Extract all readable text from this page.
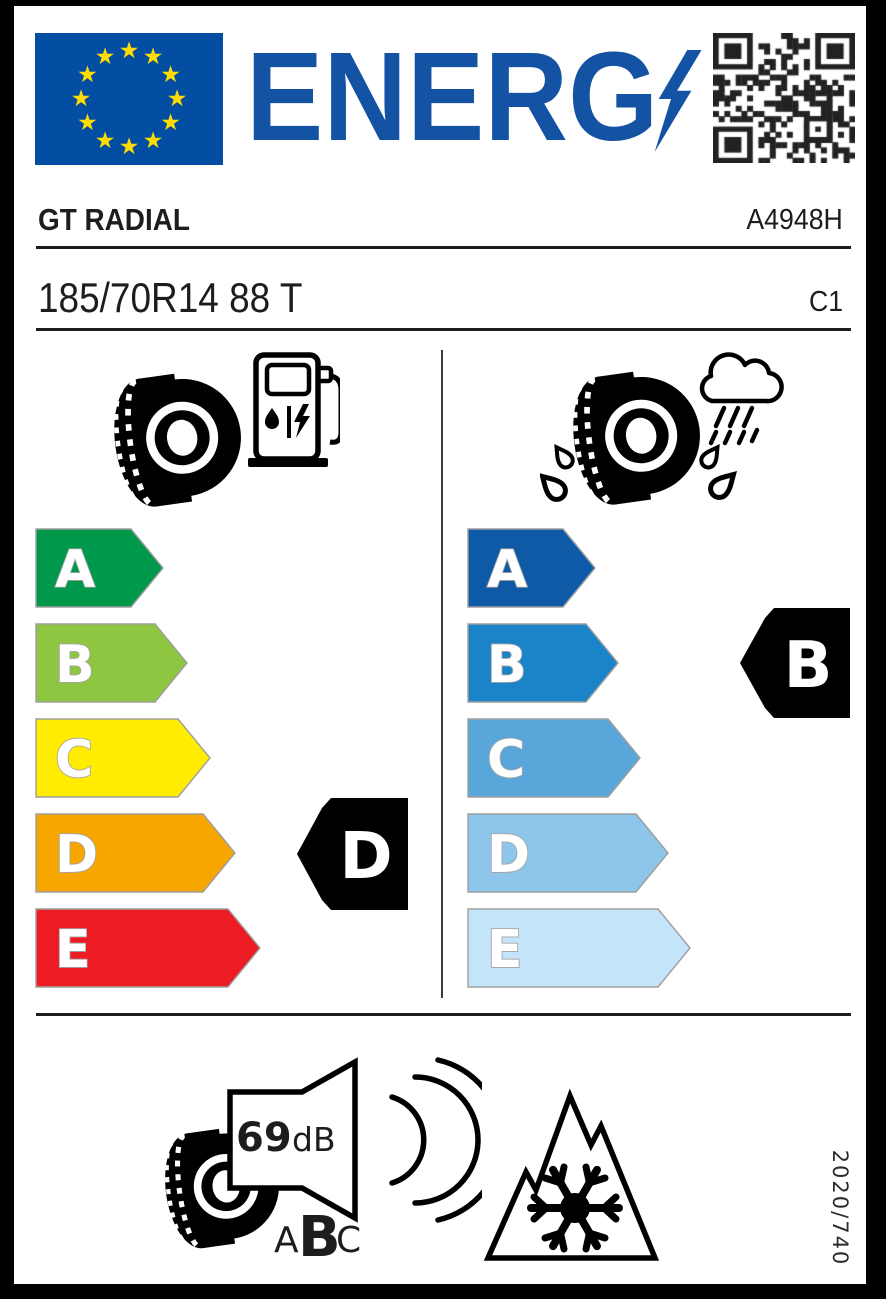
★ ★
★
★
★
★
★
★
★
★
★
★ ENERG
GT RADIAL	A4948H
185/70R14 88 T	C1
A
B
C
D
E
A
B
C
D
E
D
B
69 dB
A B
C	2020/740
